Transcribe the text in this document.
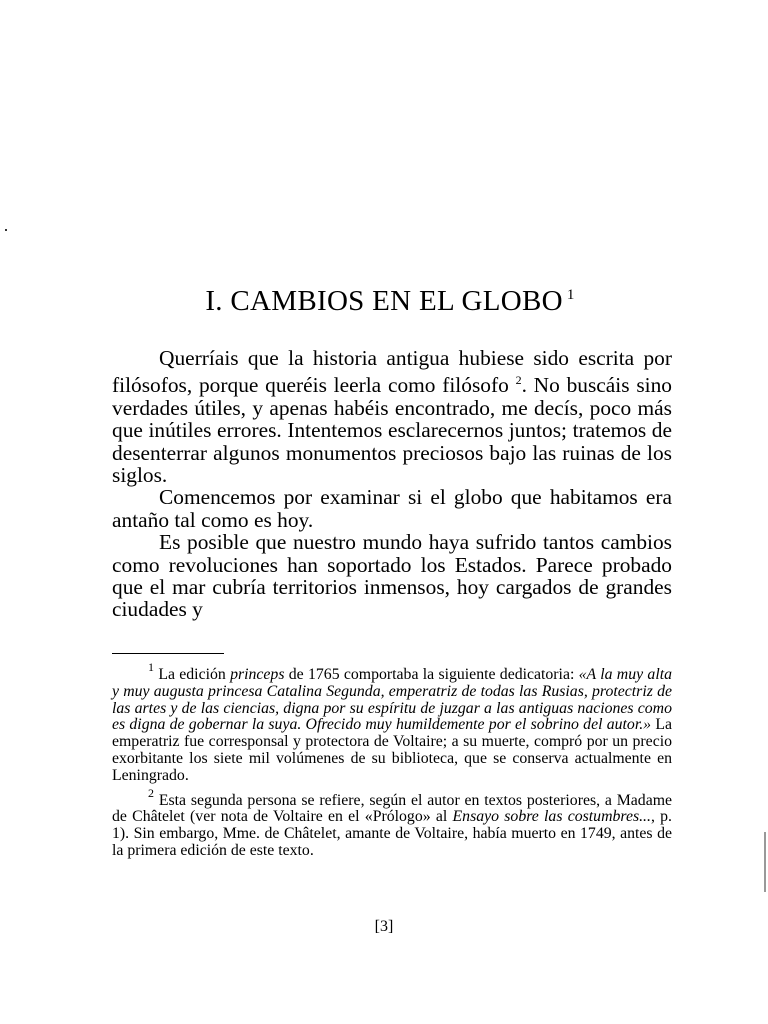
I. CAMBIOS EN EL GLOBO $^1$

Querríais que la historia antigua hubiese sido escrita por filósofos, porque queréis leerla como filósofo $^2$. No buscáis sino verdades útiles, y apenas habéis encontrado, me decís, poco más que inútiles errores. Intentemos esclarecernos juntos; tratemos de desenterrar algunos monumentos preciosos bajo las ruinas de los siglos.

Comencemos por examinar si el globo que habitamos era antaño tal como es hoy.

Es posible que nuestro mundo haya sufrido tantos cambios como revoluciones han soportado los Estados. Parece probado que el mar cubría territorios inmensos, hoy cargados de grandes ciudades y

$^1$ La edición princeps de 1765 comportaba la siguiente dedicatoria: «A la muy alta y muy augusta princesa Catalina Segunda, emperatriz de todas las Rusias, protectriz de las artes y de las ciencias, digna por su espíritu de juzgar a las antiguas naciones como es digna de gobernar la suya. Ofrecido muy humildemente por el sobrino del autor.» La emperatriz fue corresponsal y protectora de Voltaire; a su muerte, compró por un precio exorbitante los siete mil volúmenes de su biblioteca, que se conserva actualmente en Leningrado.

$^2$ Esta segunda persona se refiere, según el autor en textos posteriores, a Madame de Châtelet (ver nota de Voltaire en el «Prólogo» al Ensayo sobre las costumbres..., p. 1). Sin embargo, Mme. de Châtelet, amante de Voltaire, había muerto en 1749, antes de la primera edición de este texto.

[3]
